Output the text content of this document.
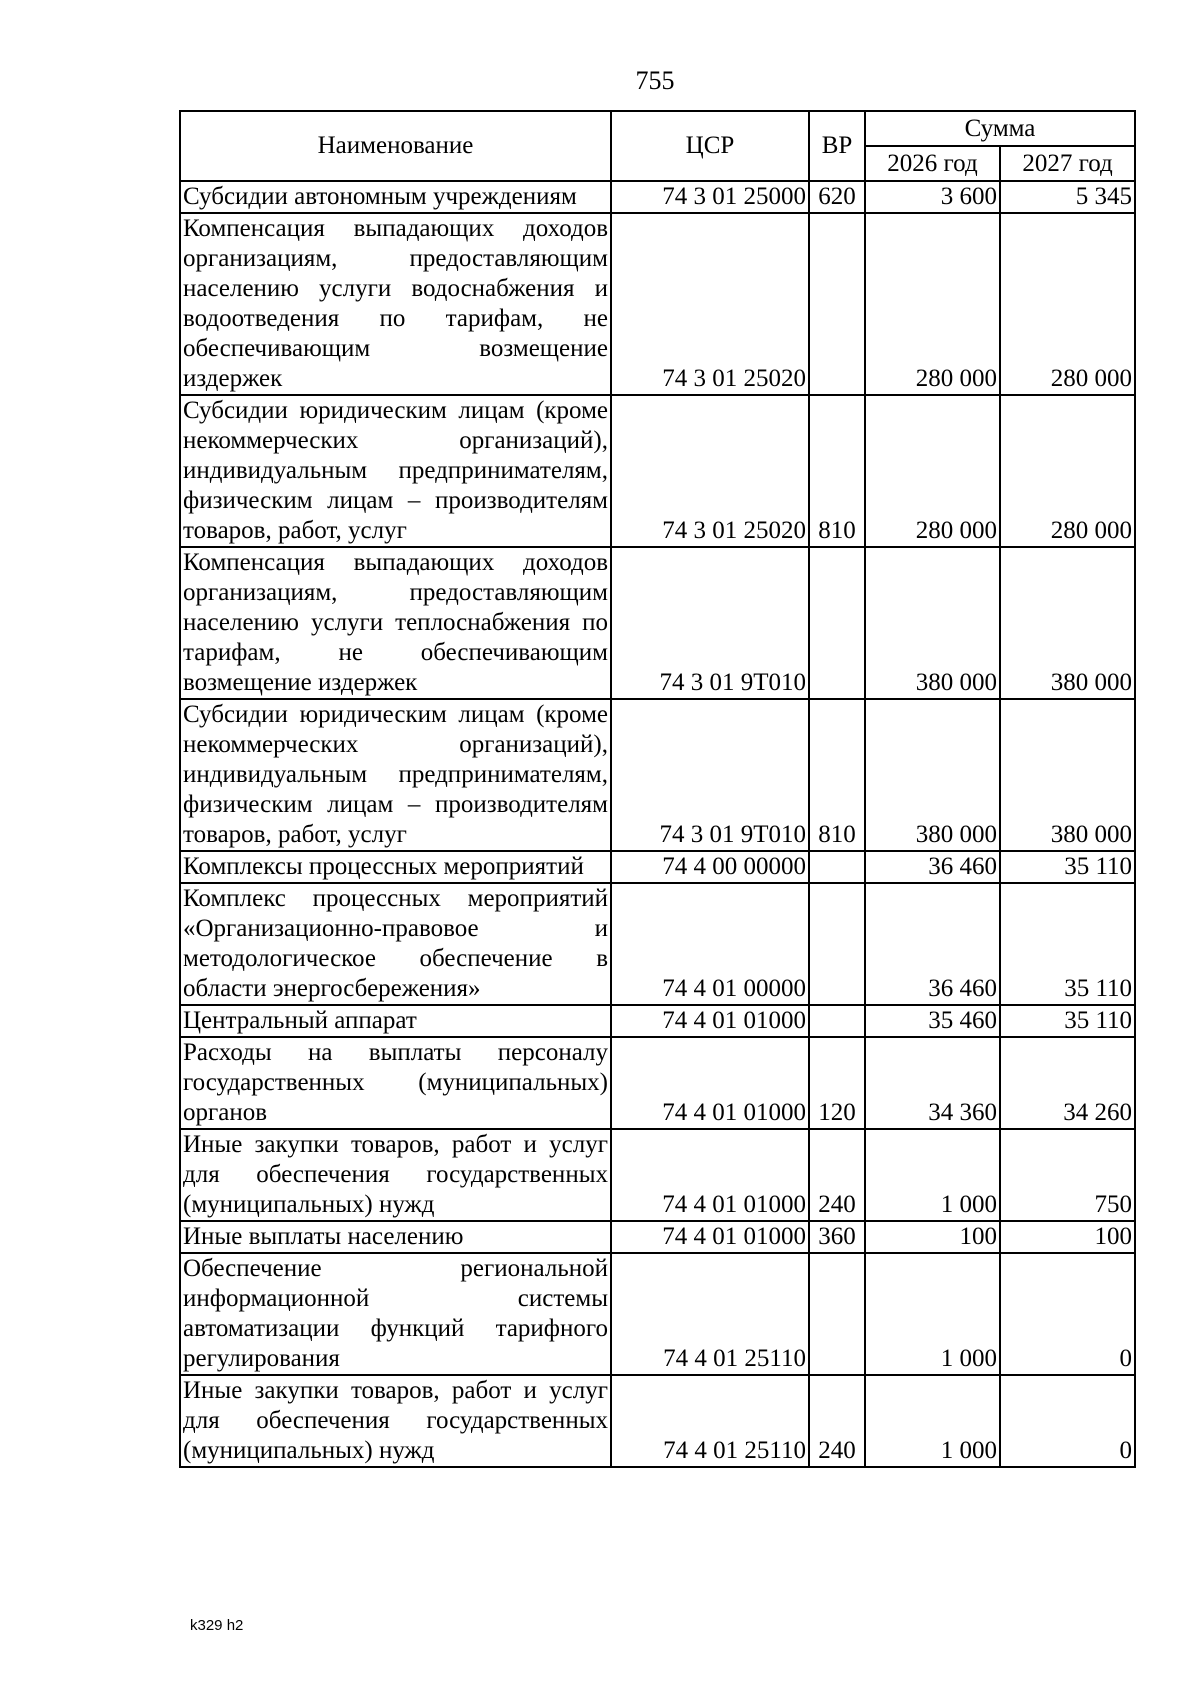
755
Наименование	ЦСР	ВР	Сумма	
			2026 год	2027 год
Субсидии автономным учреждениям	74 3 01 25000	620	3 600	5 345
Компенсация выпадающих доходов организациям, предоставляющим населению услуги водоснабжения и водоотведения по тарифам, не обеспечивающим возмещение издержек	74 3 01 25020		280 000	280 000
Субсидии юридическим лицам (кроме некоммерческих организаций), индивидуальным предпринимателям, физическим лицам – производителям товаров, работ, услуг	74 3 01 25020	810	280 000	280 000
Компенсация выпадающих доходов организациям, предоставляющим населению услуги теплоснабжения по тарифам, не обеспечивающим возмещение издержек	74 3 01 9Т010		380 000	380 000
Субсидии юридическим лицам (кроме некоммерческих организаций), индивидуальным предпринимателям, физическим лицам – производителям товаров, работ, услуг	74 3 01 9Т010	810	380 000	380 000
Комплексы процессных мероприятий	74 4 00 00000		36 460	35 110
Комплекс процессных мероприятий «Организационно-правовое и методологическое обеспечение в области энергосбережения»	74 4 01 00000		36 460	35 110
Центральный аппарат	74 4 01 01000		35 460	35 110
Расходы на выплаты персоналу государственных (муниципальных) органов	74 4 01 01000	120	34 360	34 260
Иные закупки товаров, работ и услуг для обеспечения государственных (муниципальных) нужд	74 4 01 01000	240	1 000	750
Иные выплаты населению	74 4 01 01000	360	100	100
Обеспечение региональной информационной системы автоматизации функций тарифного регулирования	74 4 01 25110		1 000	0
Иные закупки товаров, работ и услуг для обеспечения государственных (муниципальных) нужд	74 4 01 25110	240	1 000	0
k329 h2
